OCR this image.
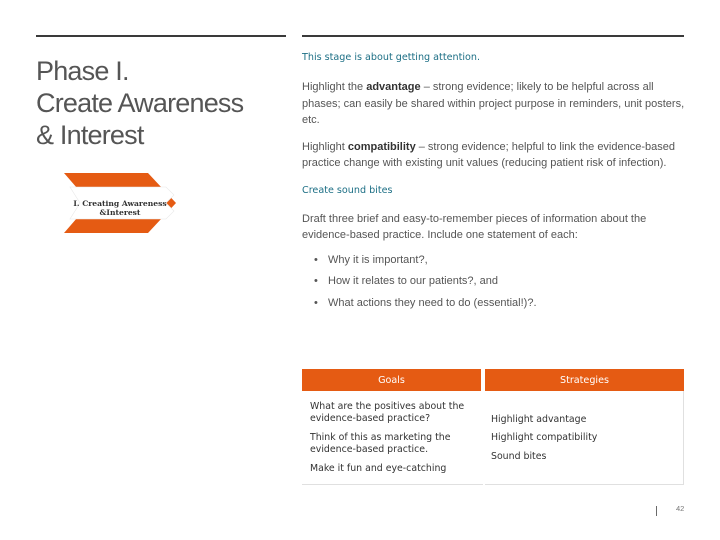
Phase I.
Create Awareness
& Interest
I. Creating Awareness
&Interest

This stage is about getting attention.

Highlight the advantage – strong evidence; likely to be helpful across all phases; can easily be shared within project purpose in reminders, unit posters, etc.

Highlight compatibility – strong evidence; helpful to link the evidence-based practice change with existing unit values (reducing patient risk of infection).

Create sound bites

Draft three brief and easy-to-remember pieces of information about the evidence-based practice. Include one statement of each:

• Why it is important?,
• How it relates to our patients?, and
• What actions they need to do (essential!)?.
Goals	Strategies
What are the positives about the evidence-based practice?
Think of this as marketing the evidence-based practice.
Make it fun and eye-catching
Highlight advantage
Highlight compatibility
Sound bites
42
